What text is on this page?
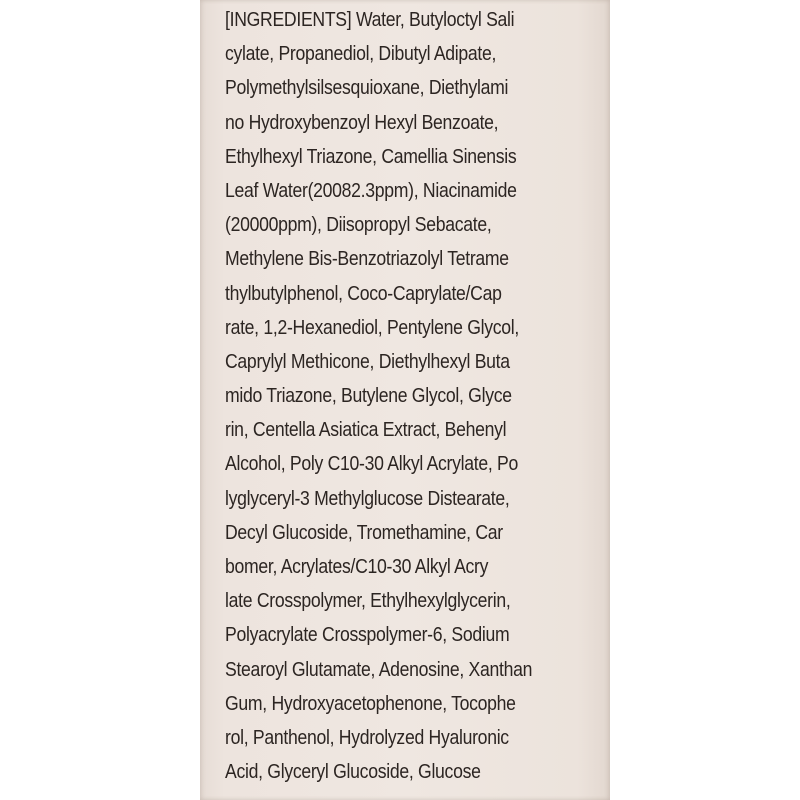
[INGREDIENTS] Water, Butyloctyl Sali
cylate, Propanediol, Dibutyl Adipate,
Polymethylsilsesquioxane, Diethylami
no Hydroxybenzoyl Hexyl Benzoate,
Ethylhexyl Triazone, Camellia Sinensis
Leaf Water(20082.3ppm), Niacinamide
(20000ppm), Diisopropyl Sebacate,
Methylene Bis-Benzotriazolyl Tetrame
thylbutylphenol, Coco-Caprylate/Cap
rate, 1,2-Hexanediol, Pentylene Glycol,
Caprylyl Methicone, Diethylhexyl Buta
mido Triazone, Butylene Glycol, Glyce
rin, Centella Asiatica Extract, Behenyl
Alcohol, Poly C10-30 Alkyl Acrylate, Po
lyglyceryl-3 Methylglucose Distearate,
Decyl Glucoside, Tromethamine, Car
bomer, Acrylates/C10-30 Alkyl Acry
late Crosspolymer, Ethylhexylglycerin,
Polyacrylate Crosspolymer-6, Sodium
Stearoyl Glutamate, Adenosine, Xanthan
Gum, Hydroxyacetophenone, Tocophe
rol, Panthenol, Hydrolyzed Hyaluronic
Acid, Glyceryl Glucoside, Glucose
